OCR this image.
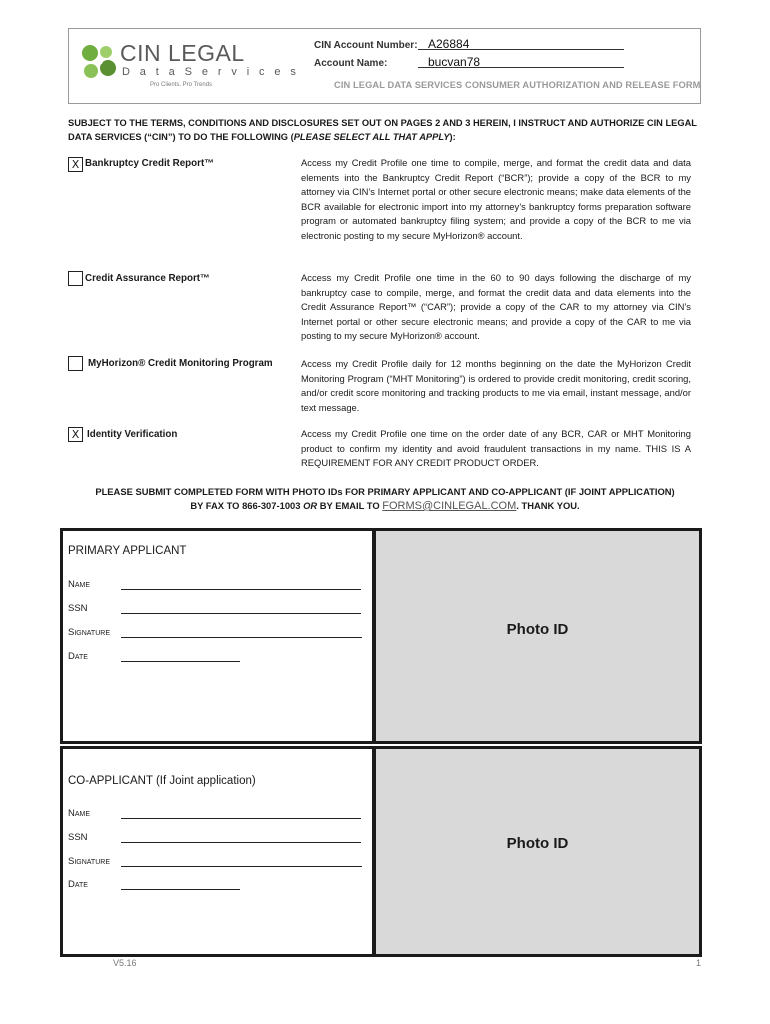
CIN LEGAL
D a t a S e r v i c e s
Pro Clients. Pro Trends
CIN Account Number: A26884
Account Name:	bucvan78
CIN LEGAL DATA SERVICES CONSUMER AUTHORIZATION AND RELEASE FORM
SUBJECT TO THE TERMS, CONDITIONS AND DISCLOSURES SET OUT ON PAGES 2 AND 3 HEREIN, I INSTRUCT AND AUTHORIZE CIN LEGAL
DATA SERVICES (“CIN”) TO DO THE FOLLOWING (PLEASE SELECT ALL THAT APPLY):
X Bankruptcy Credit Report™	Access my Credit Profile one time to compile, merge, and format the credit data and data elements into the Bankruptcy Credit Report (“BCR”); provide a copy of the BCR to my attorney via CIN’s Internet portal or other secure electronic means; make data elements of the BCR available for electronic import into my attorney’s bankruptcy forms preparation software program or automated bankruptcy filing system; and provide a copy of the BCR to me via electronic posting to my secure MyHorizon® account.
Credit Assurance Report™	Access my Credit Profile one time in the 60 to 90 days following the discharge of my bankruptcy case to compile, merge, and format the credit data and data elements into the Credit Assurance Report™ (“CAR”); provide a copy of the CAR to my attorney via CIN’s Internet portal or other secure electronic means; and provide a copy of the CAR to me via posting to my secure MyHorizon® account.
MyHorizon® Credit Monitoring Program	Access my Credit Profile daily for 12 months beginning on the date the MyHorizon Credit Monitoring Program (“MHT Monitoring”) is ordered to provide credit monitoring, credit scoring, and/or credit score monitoring and tracking products to me via email, instant message, and/or text message.
X Identity Verification	Access my Credit Profile one time on the order date of any BCR, CAR or MHT Monitoring product to confirm my identity and avoid fraudulent transactions in my name. THIS IS A REQUIREMENT FOR ANY CREDIT PRODUCT ORDER.
PLEASE SUBMIT COMPLETED FORM WITH PHOTO IDs FOR PRIMARY APPLICANT AND CO-APPLICANT (IF JOINT APPLICATION)
BY FAX TO 866-307-1003 OR BY EMAIL TO FORMS@CINLEGAL.COM. THANK YOU.
Photo ID
PRIMARY APPLICANT
Name
SSN
Signature
Date
Photo ID
CO-APPLICANT (If Joint application)
Name
SSN
Signature
Date
V5.16	1
